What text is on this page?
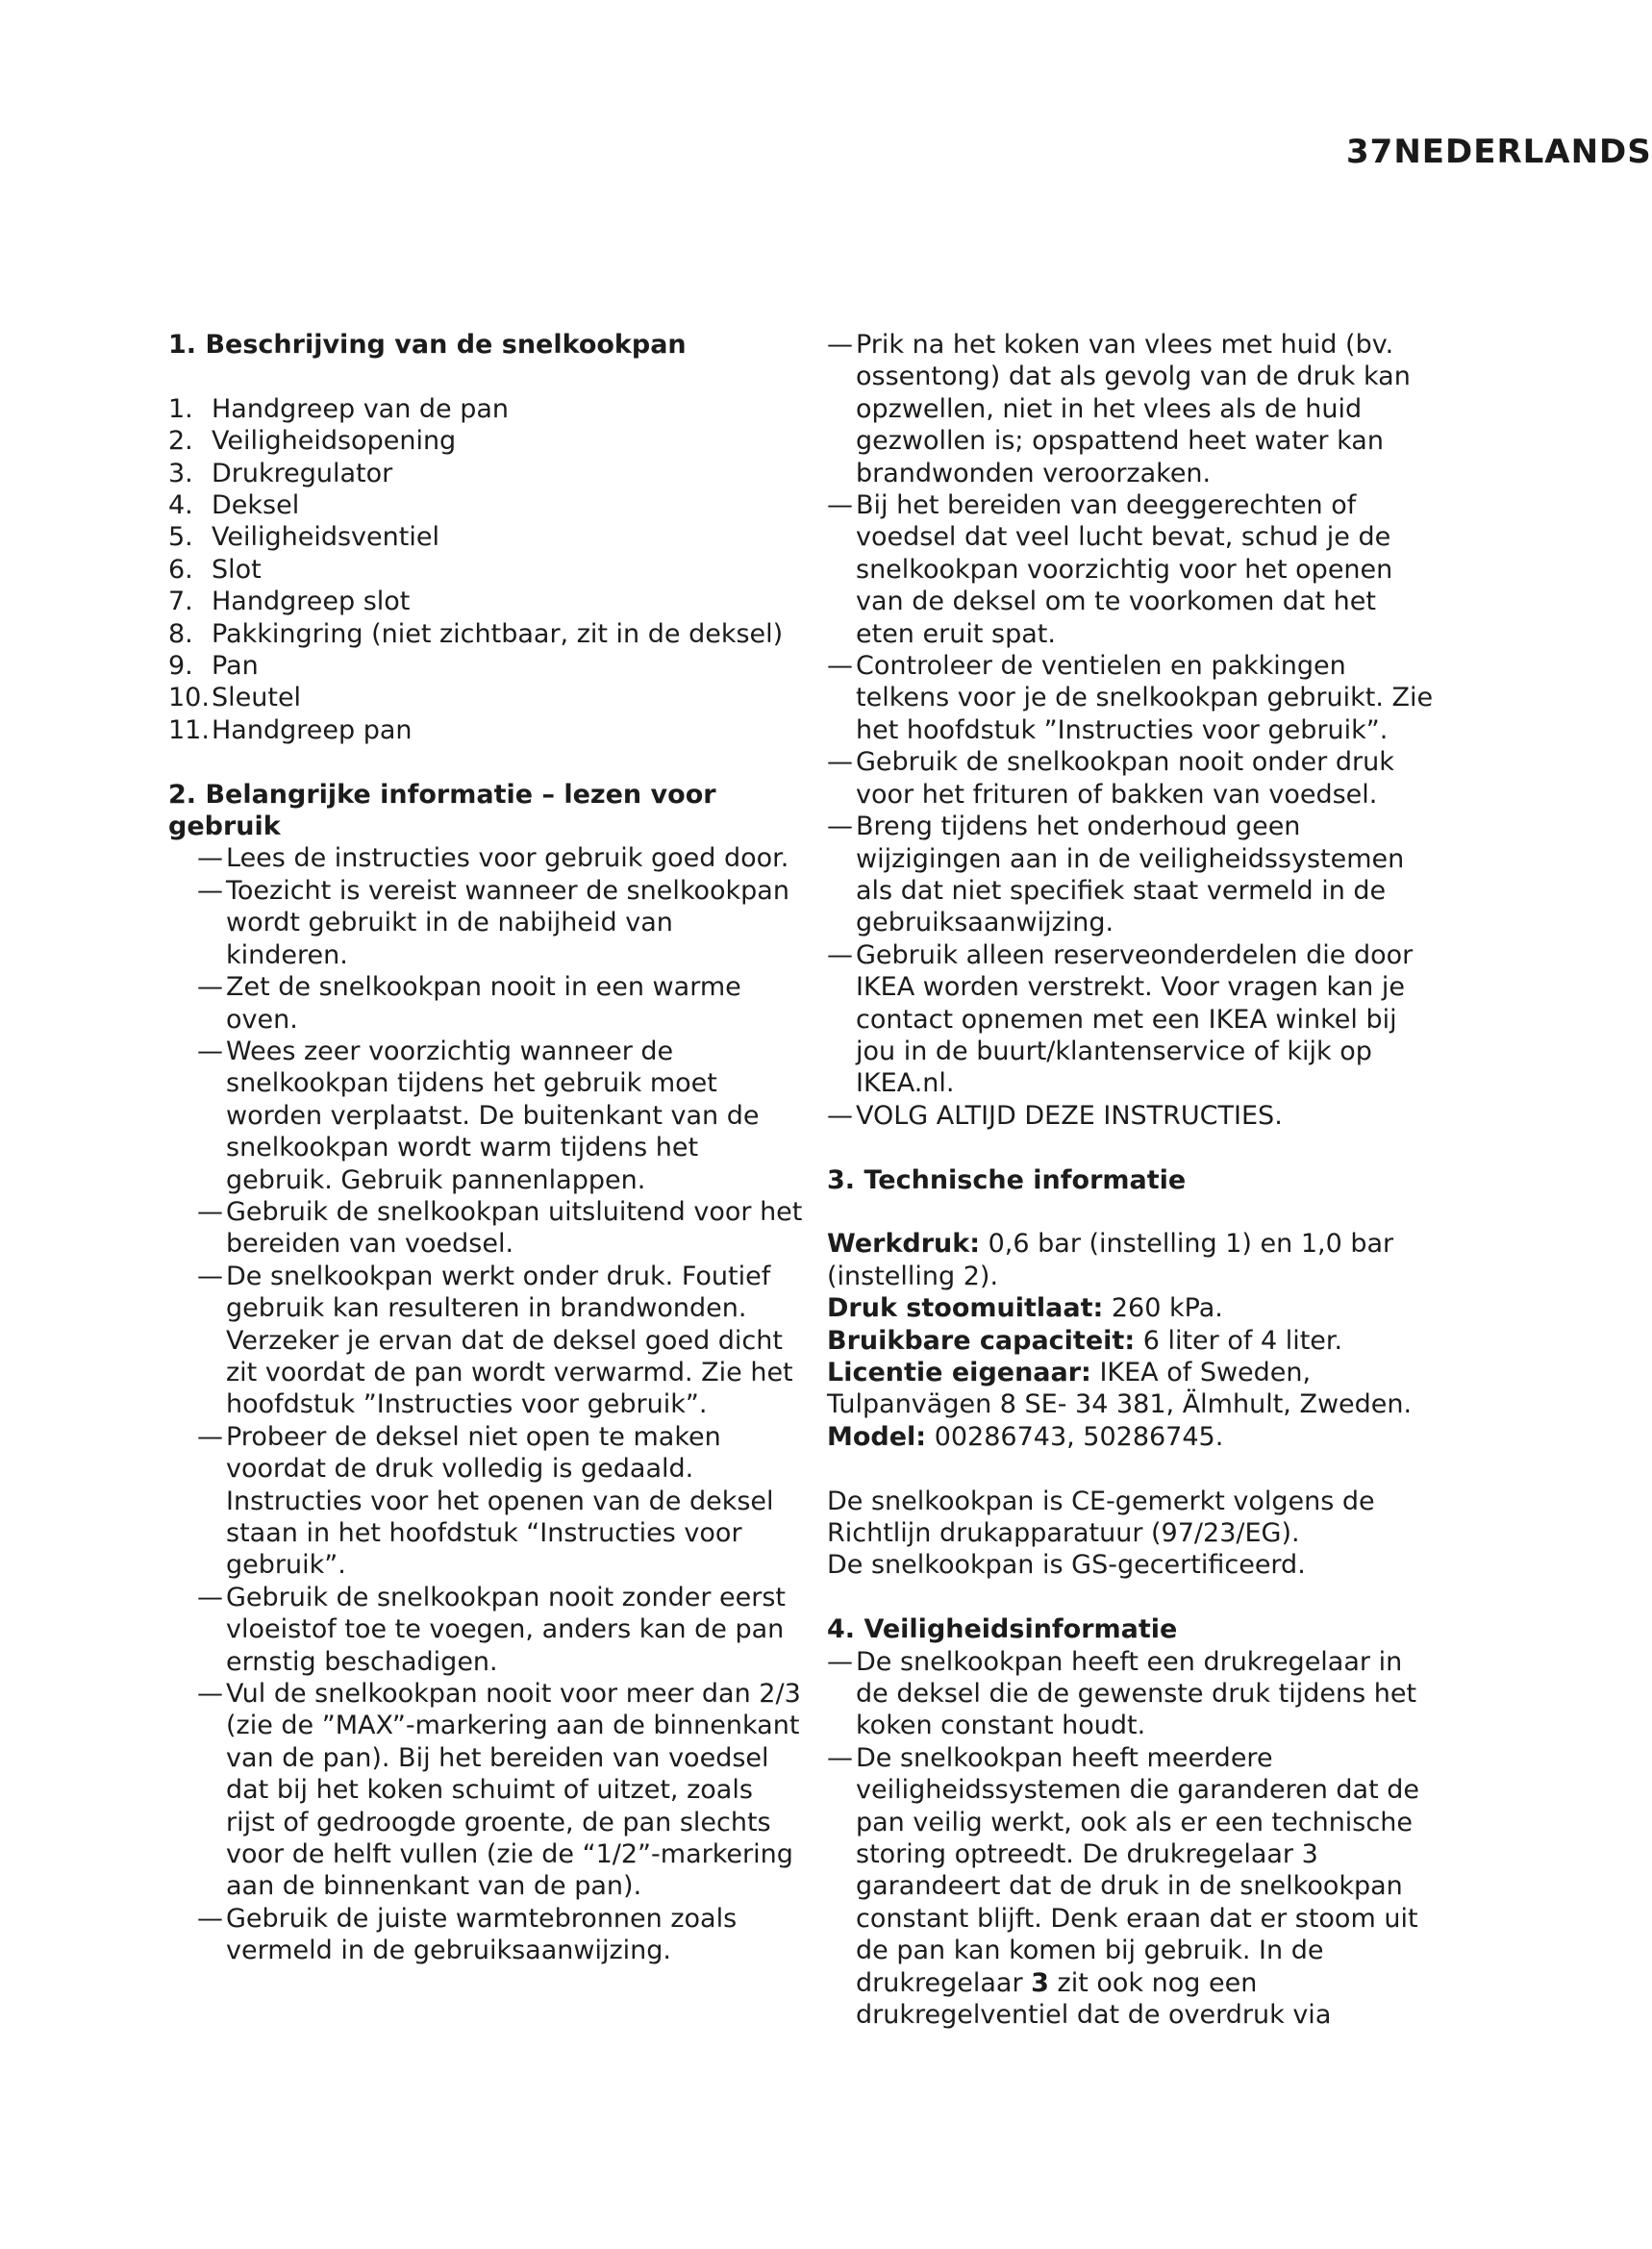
37NEDERLANDS
1. Beschrijving van de snelkookpan
1. Handgreep van de pan
2. Veiligheidsopening
3. Drukregulator
4. Deksel
5. Veiligheidsventiel
6. Slot
7. Handgreep slot
8. Pakkingring (niet zichtbaar, zit in de deksel)
9. Pan
10. Sleutel
11. Handgreep pan
2. Belangrijke informatie – lezen voor gebruik
— Lees de instructies voor gebruik goed door.
— Toezicht is vereist wanneer de snelkookpan wordt gebruikt in de nabijheid van kinderen.
— Zet de snelkookpan nooit in een warme oven.
— Wees zeer voorzichtig wanneer de snelkookpan tijdens het gebruik moet worden verplaatst. De buitenkant van de snelkookpan wordt warm tijdens het gebruik. Gebruik pannenlappen.
— Gebruik de snelkookpan uitsluitend voor het bereiden van voedsel.
— De snelkookpan werkt onder druk. Foutief gebruik kan resulteren in brandwonden. Verzeker je ervan dat de deksel goed dicht zit voordat de pan wordt verwarmd. Zie het hoofdstuk ”Instructies voor gebruik”.
— Probeer de deksel niet open te maken voordat de druk volledig is gedaald. Instructies voor het openen van de deksel staan in het hoofdstuk “Instructies voor gebruik”.
— Gebruik de snelkookpan nooit zonder eerst vloeistof toe te voegen, anders kan de pan ernstig beschadigen.
— Vul de snelkookpan nooit voor meer dan 2/3 (zie de ”MAX”-markering aan de binnenkant van de pan). Bij het bereiden van voedsel dat bij het koken schuimt of uitzet, zoals rijst of gedroogde groente, de pan slechts voor de helft vullen (zie de “1/2”-markering aan de binnenkant van de pan).
— Gebruik de juiste warmtebronnen zoals vermeld in de gebruiksaanwijzing.
— Prik na het koken van vlees met huid (bv. ossentong) dat als gevolg van de druk kan opzwellen, niet in het vlees als de huid gezwollen is; opspattend heet water kan brandwonden veroorzaken.
— Bij het bereiden van deeggerechten of voedsel dat veel lucht bevat, schud je de snelkookpan voorzichtig voor het openen van de deksel om te voorkomen dat het eten eruit spat.
— Controleer de ventielen en pakkingen telkens voor je de snelkookpan gebruikt. Zie het hoofdstuk ”Instructies voor gebruik”.
— Gebruik de snelkookpan nooit onder druk voor het frituren of bakken van voedsel.
— Breng tijdens het onderhoud geen wijzigingen aan in de veiligheidssystemen als dat niet specifiek staat vermeld in de gebruiksaanwijzing.
— Gebruik alleen reserveonderdelen die door IKEA worden verstrekt. Voor vragen kan je contact opnemen met een IKEA winkel bij jou in de buurt/klantenservice of kijk op IKEA.nl.
— VOLG ALTIJD DEZE INSTRUCTIES.
3. Technische informatie

Werkdruk: 0,6 bar (instelling 1) en 1,0 bar (instelling 2).

Druk stoomuitlaat: 260 kPa.

Bruikbare capaciteit: 6 liter of 4 liter.

Licentie eigenaar: IKEA of Sweden, Tulpanvägen 8 SE- 34 381, Älmhult, Zweden.

Model: 00286743, 50286745.

De snelkookpan is CE-gemerkt volgens de Richtlijn drukapparatuur (97/23/EG).

De snelkookpan is GS-gecertificeerd.

4. Veiligheidsinformatie
— De snelkookpan heeft een drukregelaar in de deksel die de gewenste druk tijdens het koken constant houdt.
— De snelkookpan heeft meerdere veiligheidssystemen die garanderen dat de pan veilig werkt, ook als er een technische storing optreedt. De drukregelaar 3 garandeert dat de druk in de snelkookpan constant blijft. Denk eraan dat er stoom uit de pan kan komen bij gebruik. In de drukregelaar 3 zit ook nog een drukregelventiel dat de overdruk via
